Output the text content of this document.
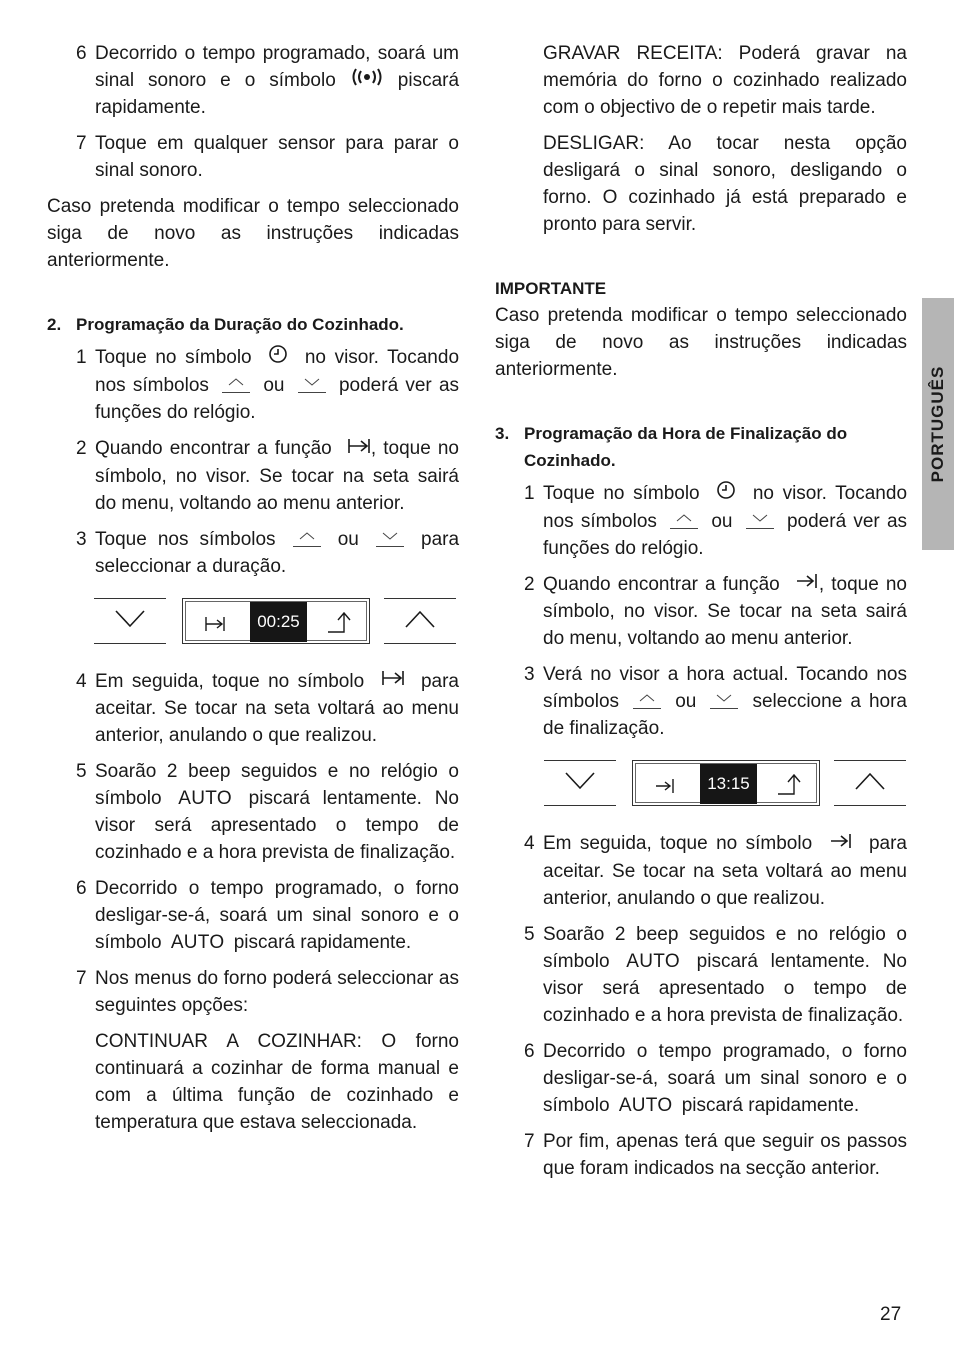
PORTUGUÊS
6 Decorrido o tempo programado, soará um sinal sonoro e o símbolo	piscará rapidamente.
7 Toque em qualquer sensor para parar o sinal sonoro.

Caso pretenda modificar o tempo seleccionado siga de novo as instruções indicadas anteriormente.

2. Programação da Duração do Cozinhado.
1 Toque no símbolo	no visor. Tocando nos símbolos	ou	poderá ver as funções do relógio.
2 Quando encontrar a função , toque no símbolo, no visor. Se tocar na seta sairá do menu, voltando ao menu anterior.
3 Toque nos símbolos	ou	para seleccionar a duração.
00:25
4 Em seguida, toque no símbolo	para aceitar. Se tocar na seta voltará ao menu anterior, anulando o que realizou.
5 Soarão 2 beep seguidos e no relógio o símbolo AUTO piscará lentamente. No visor será apresentado o tempo de cozinhado e a hora prevista de finalização.
6 Decorrido o tempo programado, o forno desligar-se-á, soará um sinal sonoro e o símbolo AUTO piscará rapidamente.
7 Nos menus do forno poderá seleccionar as seguintes opções:
CONTINUAR A COZINHAR: O forno continuará a cozinhar de forma manual e com a última função de cozinhado e temperatura que estava seleccionada.
GRAVAR RECEITA: Poderá gravar na memória do forno o cozinhado realizado com o objectivo de o repetir mais tarde.
DESLIGAR: Ao tocar nesta opção desligará o sinal sonoro, desligando o forno. O cozinhado já está preparado e pronto para servir.
IMPORTANTE

Caso pretenda modificar o tempo seleccionado siga de novo as instruções indicadas anteriormente.

3. Programação da Hora de Finalização do Cozinhado.
1 Toque no símbolo	no visor. Tocando nos símbolos	ou	poderá ver as funções do relógio.
2 Quando encontrar a função , toque no símbolo, no visor. Se tocar na seta sairá do menu, voltando ao menu anterior.
3 Verá no visor a hora actual. Tocando nos símbolos	ou	seleccione a hora de finalização.
13:15
4 Em seguida, toque no símbolo	para aceitar. Se tocar na seta voltará ao menu anterior, anulando o que realizou.
5 Soarão 2 beep seguidos e no relógio o símbolo AUTO piscará lentamente. No visor será apresentado o tempo de cozinhado e a hora prevista de finalização.
6 Decorrido o tempo programado, o forno desligar-se-á, soará um sinal sonoro e o símbolo AUTO piscará rapidamente.
7 Por fim, apenas terá que seguir os passos que foram indicados na secção anterior.
27
